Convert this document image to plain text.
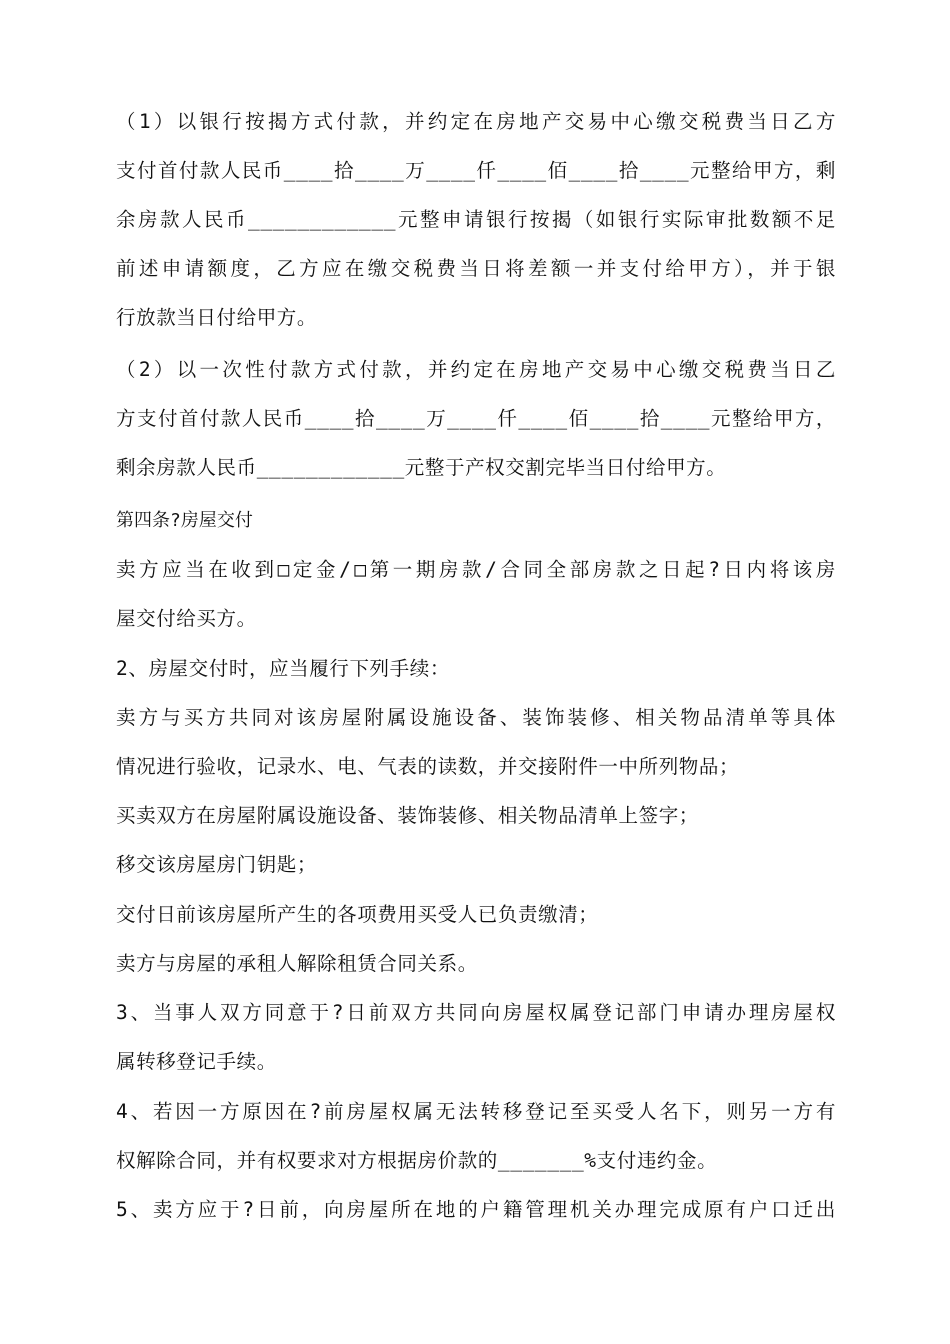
（1）以银行按揭方式付款，并约定在房地产交易中心缴交税费当日乙方
支付首付款人民币____拾____万____仟____佰____拾____元整给甲方，剩
余房款人民币____________元整申请银行按揭（如银行实际审批数额不足
前述申请额度，乙方应在缴交税费当日将差额一并支付给甲方），并于银
行放款当日付给甲方。
（2）以一次性付款方式付款，并约定在房地产交易中心缴交税费当日乙
方支付首付款人民币____拾____万____仟____佰____拾____元整给甲方，
剩余房款人民币____________元整于产权交割完毕当日付给甲方。
第四条?房屋交付
卖方应当在收到□定金/□第一期房款/合同全部房款之日起?日内将该房
屋交付给买方。
2、房屋交付时，应当履行下列手续：
卖方与买方共同对该房屋附属设施设备、装饰装修、相关物品清单等具体
情况进行验收，记录水、电、气表的读数，并交接附件一中所列物品；
买卖双方在房屋附属设施设备、装饰装修、相关物品清单上签字；
移交该房屋房门钥匙；
交付日前该房屋所产生的各项费用买受人已负责缴清；
卖方与房屋的承租人解除租赁合同关系。
3、当事人双方同意于?日前双方共同向房屋权属登记部门申请办理房屋权
属转移登记手续。
4、若因一方原因在?前房屋权属无法转移登记至买受人名下，则另一方有
权解除合同，并有权要求对方根据房价款的_______%支付违约金。
5、卖方应于?日前，向房屋所在地的户籍管理机关办理完成原有户口迁出
